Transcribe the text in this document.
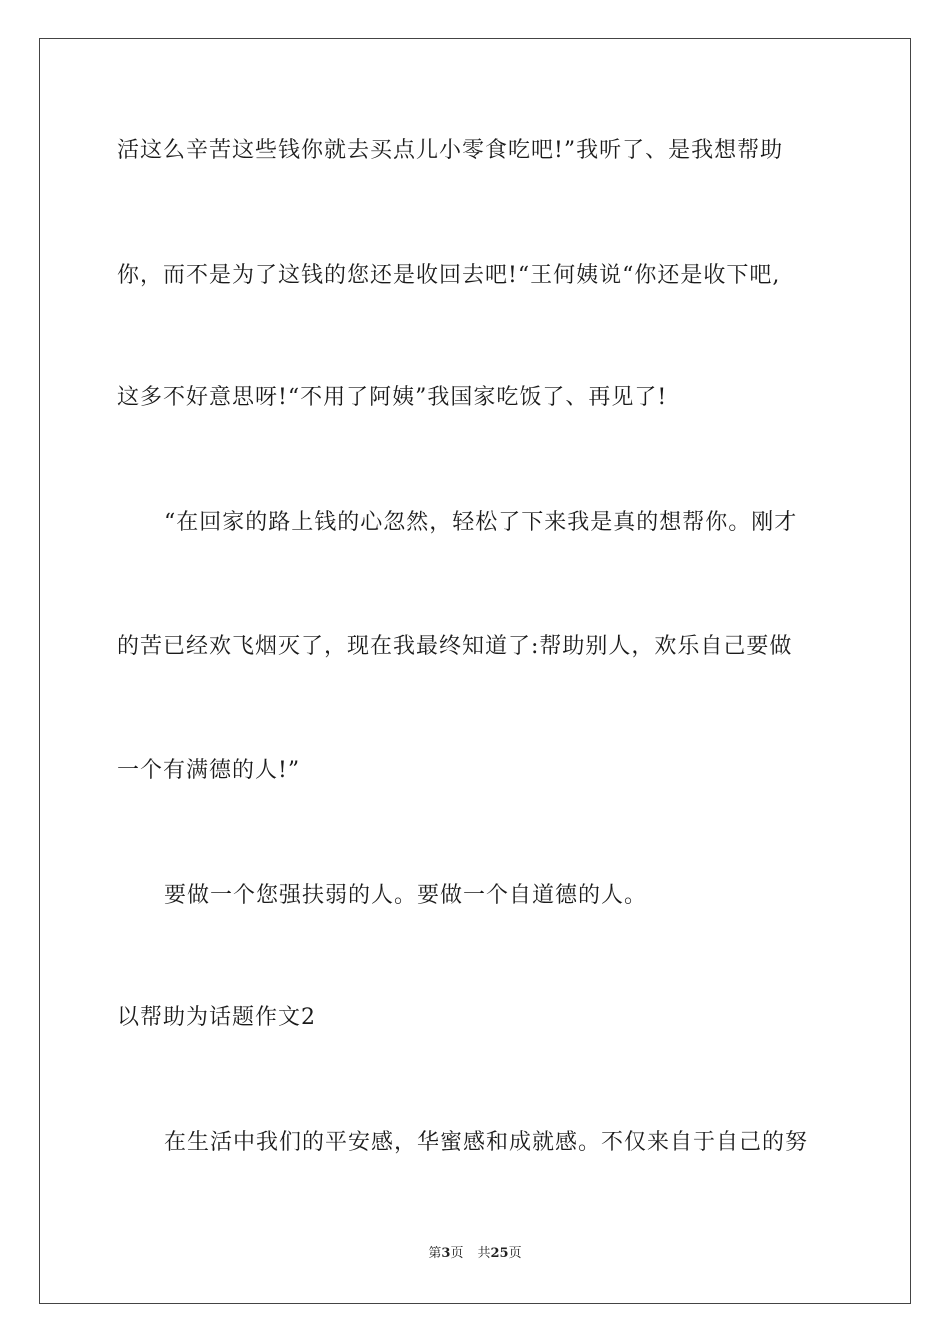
活这么辛苦这些钱你就去买点儿小零食吃吧!”我听了、是我想帮助
你，而不是为了这钱的您还是收回去吧!“王何姨说“你还是收下吧,
这多不好意思呀!“不用了阿姨”我国家吃饭了、再见了!
“在回家的路上钱的心忽然，轻松了下来我是真的想帮你。刚才
的苦已经欢飞烟灭了，现在我最终知道了:帮助别人，欢乐自己要做
一个有满德的人!”
要做一个您强扶弱的人。要做一个自道德的人。
以帮助为话题作文2
在生活中我们的平安感，华蜜感和成就感。不仅来自于自己的努
第3页 共25页
